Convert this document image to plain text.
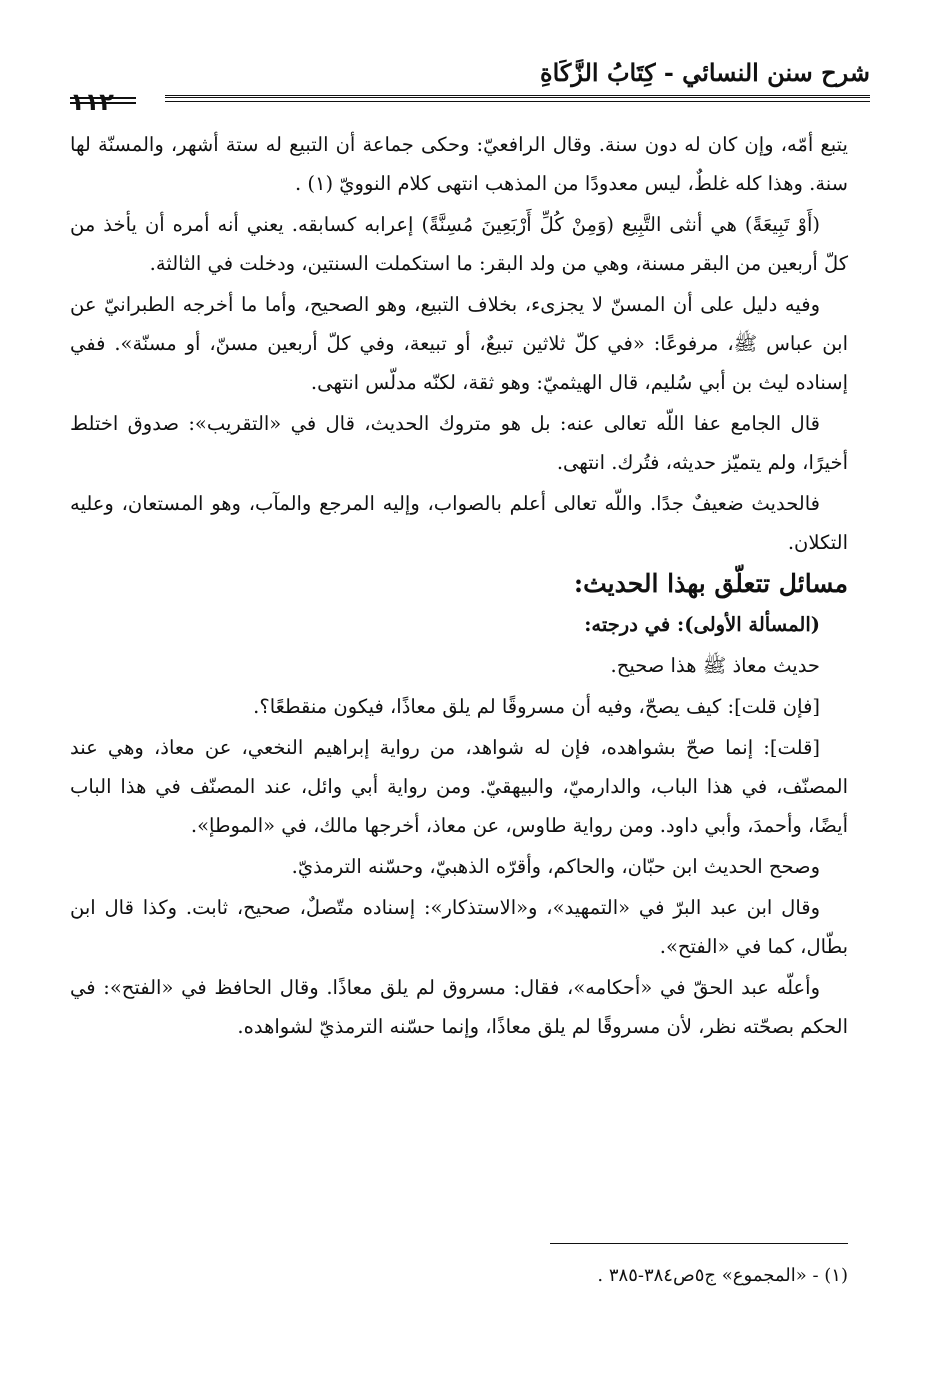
شرح سنن النسائي - كِتَابُ الزَّكَاةِ
١١٢

يتبع أمّه، وإن كان له دون سنة. وقال الرافعيّ: وحكى جماعة أن التبيع له ستة أشهر، والمسنّة لها سنة. وهذا كله غلطٌ، ليس معدودًا من المذهب انتهى كلام النوويّ (١) .

(أَوْ تَبِيعَةً) هي أنثى التَّبِيع (وَمِنْ كُلِّ أَرْبَعِينَ مُسِنَّةً) إعرابه كسابقه. يعني أنه أمره أن يأخذ من كلّ أربعين من البقر مسنة، وهي من ولد البقر: ما استكملت السنتين، ودخلت في الثالثة.

وفيه دليل على أن المسنّ لا يجزىء، بخلاف التبيع، وهو الصحيح، وأما ما أخرجه الطبرانيّ عن ابن عباس ﷺ، مرفوعًا: «في كلّ ثلاثين تبيعٌ، أو تبيعة، وفي كلّ أربعين مسنّ، أو مسنّة». ففي إسناده ليث بن أبي سُليم، قال الهيثميّ: وهو ثقة، لكنّه مدلّس انتهى.

قال الجامع عفا اللّه تعالى عنه: بل هو متروك الحديث، قال في «التقريب»: صدوق اختلط أخيرًا، ولم يتميّز حديثه، فتُرك. انتهى.

فالحديث ضعيفٌ جدًا. واللّه تعالى أعلم بالصواب، وإليه المرجع والمآب، وهو المستعان، وعليه التكلان.

مسائل تتعلّق بهذا الحديث:

(المسألة الأولى): في درجته:

حديث معاذ ﷺ هذا صحيح.

[فإن قلت]: كيف يصحّ، وفيه أن مسروقًا لم يلق معاذًا، فيكون منقطعًا؟.

[قلت]: إنما صحّ بشواهده، فإن له شواهد، من رواية إبراهيم النخعي، عن معاذ، وهي عند المصنّف، في هذا الباب، والدارميّ، والبيهقيّ. ومن رواية أبي وائل، عند المصنّف في هذا الباب أيضًا، وأحمدَ، وأبي داود. ومن رواية طاوس، عن معاذ، أخرجها مالك، في «الموطإ».

وصحح الحديث ابن حبّان، والحاكم، وأقرّه الذهبيّ، وحسّنه الترمذيّ.

وقال ابن عبد البرّ في «التمهيد»، و«الاستذكار»: إسناده متّصلٌ، صحيح، ثابت. وكذا قال ابن بطّال، كما في «الفتح».

وأعلّه عبد الحقّ في «أحكامه»، فقال: مسروق لم يلق معاذًا. وقال الحافظ في «الفتح»: في الحكم بصحّته نظر، لأن مسروقًا لم يلق معاذًا، وإنما حسّنه الترمذيّ لشواهده.

(١) - «المجموع» ج٥ص٣٨٤-٣٨٥ .
